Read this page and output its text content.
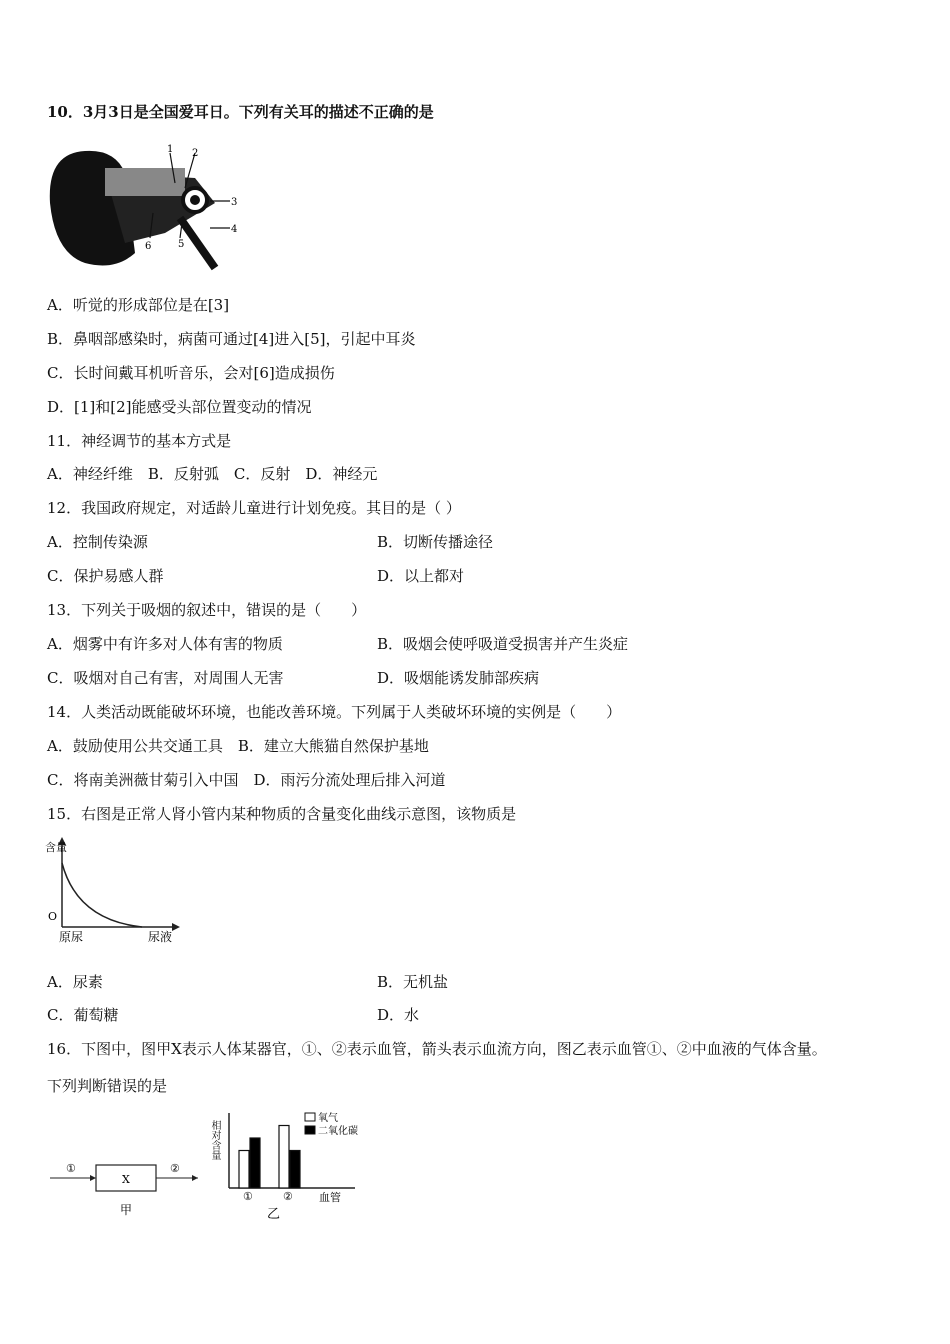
10．3月3日是全国爱耳日。下列有关耳的描述不正确的是
1 2
3
4
5
6
A．听觉的形成部位是在[3]
B．鼻咽部感染时，病菌可通过[4]进入[5]，引起中耳炎
C．长时间戴耳机听音乐，会对[6]造成损伤
D．[1]和[2]能感受头部位置变动的情况
11．神经调节的基本方式是
A．神经纤维　B．反射弧　C．反射　D．神经元
12．我国政府规定，对适龄儿童进行计划免疫。其目的是（ ）
A．控制传染源	B．切断传播途径
C．保护易感人群	D．以上都对
13．下列关于吸烟的叙述中，错误的是（　　）
A．烟雾中有许多对人体有害的物质	B．吸烟会使呼吸道受损害并产生炎症
C．吸烟对自己有害，对周围人无害	D．吸烟能诱发肺部疾病
14．人类活动既能破坏环境，也能改善环境。下列属于人类破坏环境的实例是（　　）
A．鼓励使用公共交通工具　B．建立大熊猫自然保护基地
C．将南美洲薇甘菊引入中国　D．雨污分流处理后排入河道
15．右图是正常人肾小管内某种物质的含量变化曲线示意图，该物质是
含量
O
原尿	尿液
A．尿素	B．无机盐
C．葡萄糖	D．水
16．下图中，图甲X表示人体某器官，①、②表示血管，箭头表示血流方向，图乙表示血管①、②中血液的气体含量。
下列判断错误的是
①
X
②
甲
①	② 血管
乙
氧气
二氧化碳
相对含量
